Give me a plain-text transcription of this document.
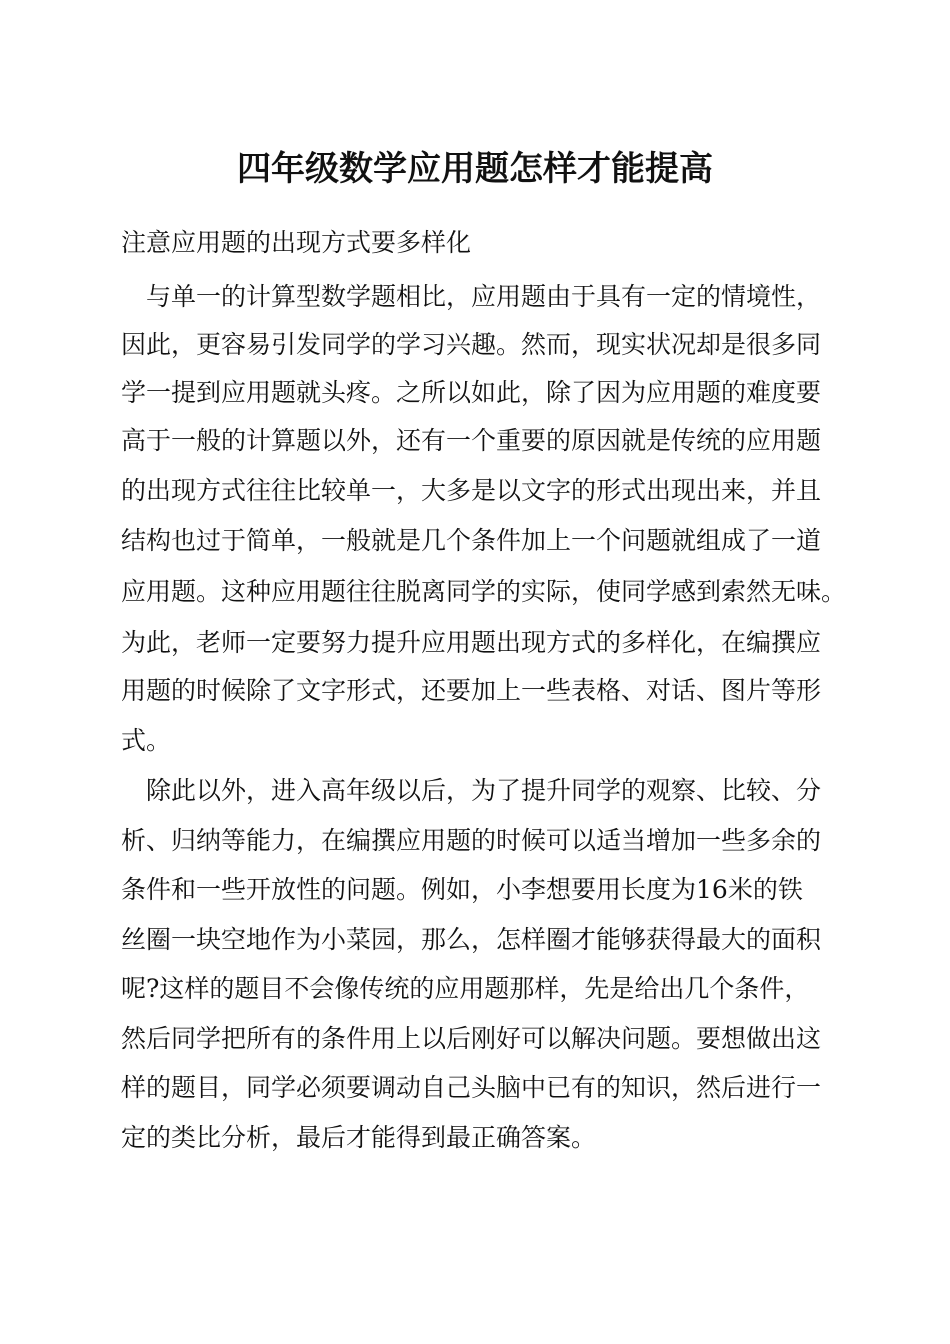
四年级数学应用题怎样才能提高

注意应用题的出现方式要多样化

与单一的计算型数学题相比，应用题由于具有一定的情境性，

因此，更容易引发同学的学习兴趣。然而，现实状况却是很多同

学一提到应用题就头疼。之所以如此，除了因为应用题的难度要

高于一般的计算题以外，还有一个重要的原因就是传统的应用题

的出现方式往往比较单一，大多是以文字的形式出现出来，并且

结构也过于简单，一般就是几个条件加上一个问题就组成了一道

应用题。这种应用题往往脱离同学的实际，使同学感到索然无味。

为此，老师一定要努力提升应用题出现方式的多样化，在编撰应

用题的时候除了文字形式，还要加上一些表格、对话、图片等形

式。

除此以外，进入高年级以后，为了提升同学的观察、比较、分

析、归纳等能力，在编撰应用题的时候可以适当增加一些多余的

条件和一些开放性的问题。例如，小李想要用长度为16米的铁

丝圈一块空地作为小菜园，那么，怎样圈才能够获得最大的面积

呢?这样的题目不会像传统的应用题那样，先是给出几个条件，

然后同学把所有的条件用上以后刚好可以解决问题。要想做出这

样的题目，同学必须要调动自己头脑中已有的知识，然后进行一

定的类比分析，最后才能得到最正确答案。
